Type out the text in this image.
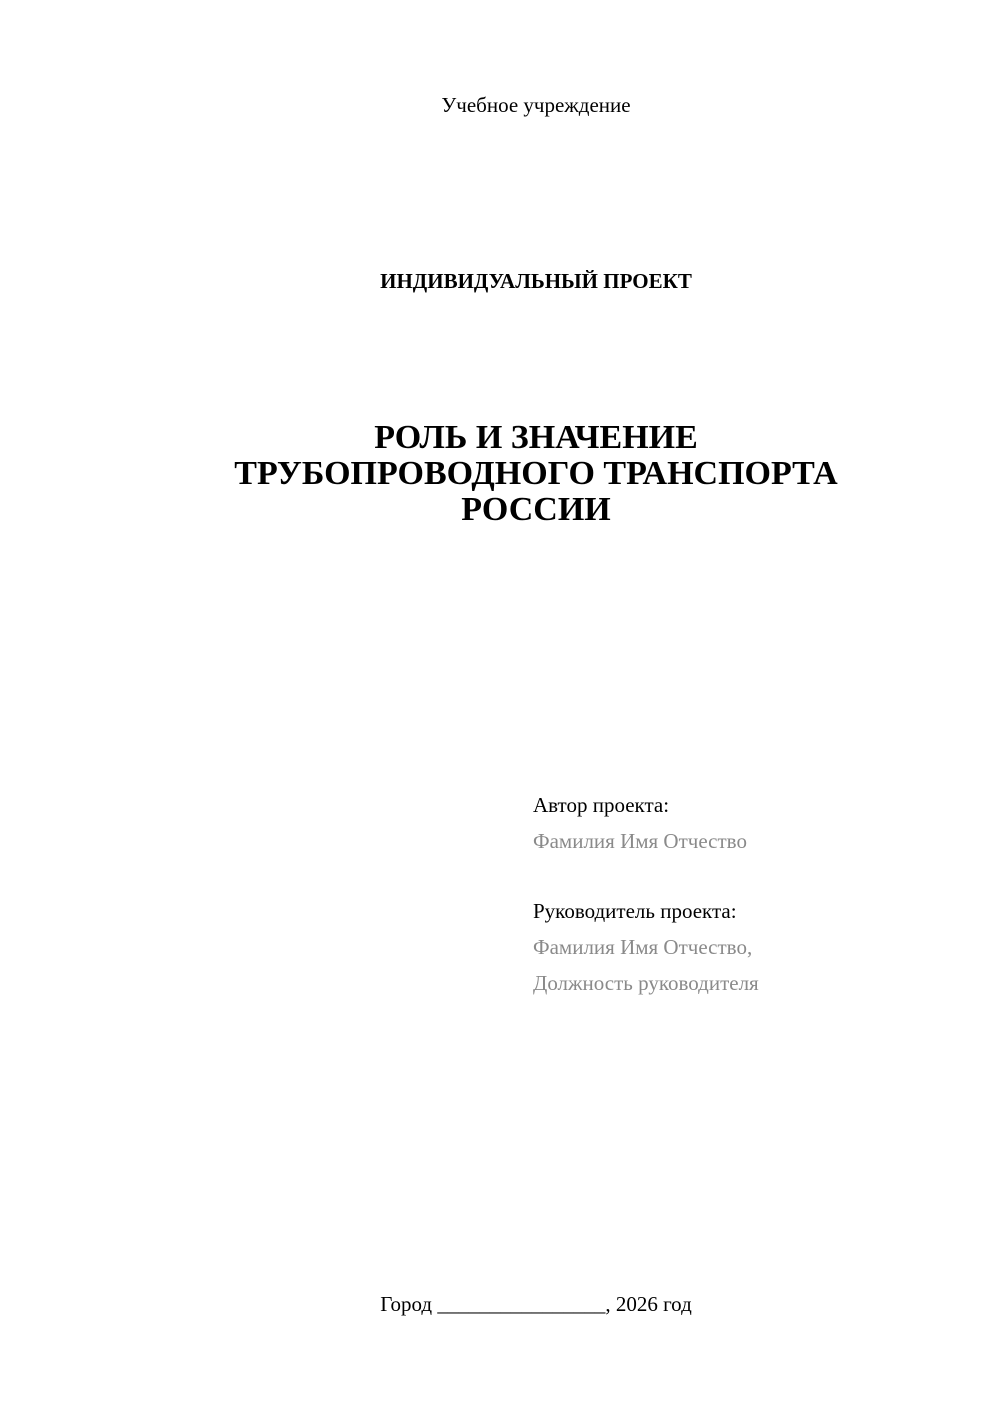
Учебное учреждение
ИНДИВИДУАЛЬНЫЙ ПРОЕКТ
РОЛЬ И ЗНАЧЕНИЕ
ТРУБОПРОВОДНОГО ТРАНСПОРТА
РОССИИ
Автор проекта:
Фамилия Имя Отчество
Руководитель проекта:
Фамилия Имя Отчество,
Должность руководителя
Город ________________, 2026 год
